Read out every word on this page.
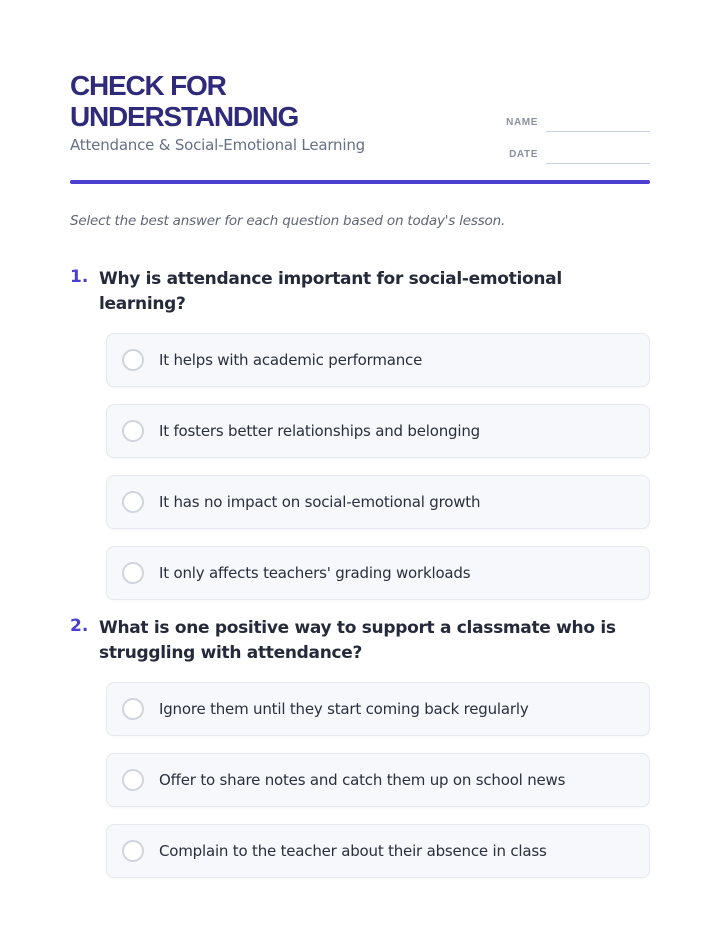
CHECK FOR
UNDERSTANDING
Attendance & Social-Emotional Learning
NAME
DATE
Select the best answer for each question based on today's lesson.
1. Why is attendance important for social-emotional learning?
It helps with academic performance
It fosters better relationships and belonging
It has no impact on social-emotional growth
It only affects teachers' grading workloads
2. What is one positive way to support a classmate who is struggling with attendance?
Ignore them until they start coming back regularly
Offer to share notes and catch them up on school news
Complain to the teacher about their absence in class
